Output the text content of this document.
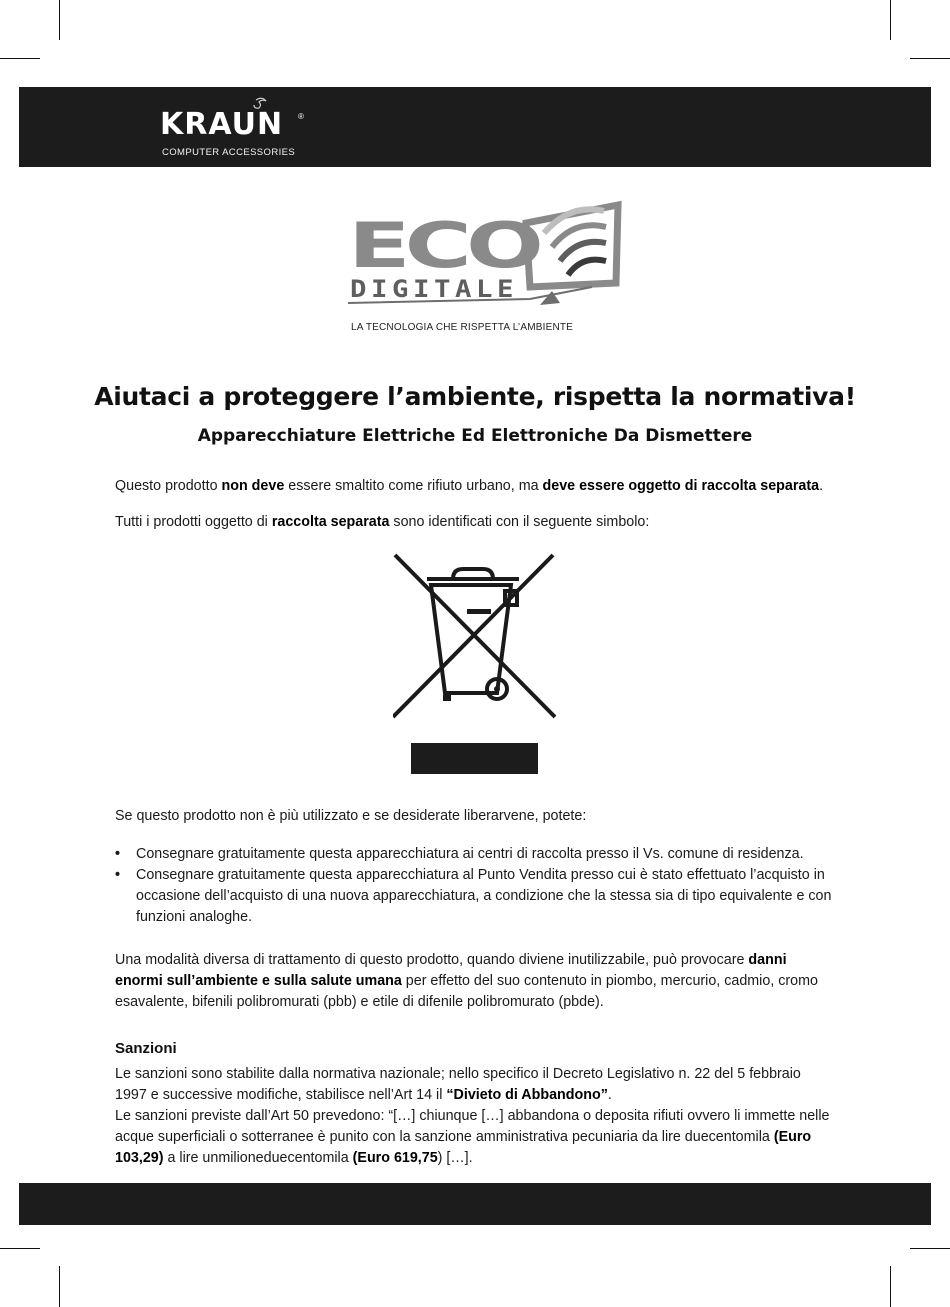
KRAUN ®
COMPUTER ACCESSORIES
ECO
DIGITALE
LA TECNOLOGIA CHE RISPETTA L’AMBIENTE
Aiutaci a proteggere l’ambiente, rispetta la normativa!
Apparecchiature Elettriche Ed Elettroniche Da Dismettere
Questo prodotto non deve essere smaltito come rifiuto urbano, ma deve essere oggetto di raccolta separata.
Tutti i prodotti oggetto di raccolta separata sono identificati con il seguente simbolo:
Se questo prodotto non è più utilizzato e se desiderate liberarvene, potete:
• Consegnare gratuitamente questa apparecchiatura ai centri di raccolta presso il Vs. comune di residenza.
• Consegnare gratuitamente questa apparecchiatura al Punto Vendita presso cui è stato effettuato l’acquisto in occasione dell’acquisto di una nuova apparecchiatura, a condizione che la stessa sia di tipo equivalente e con funzioni analoghe.
Una modalità diversa di trattamento di questo prodotto, quando diviene inutilizzabile, può provocare danni enormi sull’ambiente e sulla salute umana per effetto del suo contenuto in piombo, mercurio, cadmio, cromo esavalente, bifenili polibromurati (pbb) e etile di difenile polibromurato (pbde).
Sanzioni
Le sanzioni sono stabilite dalla normativa nazionale; nello specifico il Decreto Legislativo n. 22 del 5 febbraio 1997 e successive modifiche, stabilisce nell’Art 14 il “Divieto di Abbandono”.
Le sanzioni previste dall’Art 50 prevedono: “[…] chiunque […] abbandona o deposita rifiuti ovvero li immette nelle acque superficiali o sotterranee è punito con la sanzione amministrativa pecuniaria da lire duecentomila (Euro 103,29) a lire unmilioneduecentomila (Euro 619,75) […].
